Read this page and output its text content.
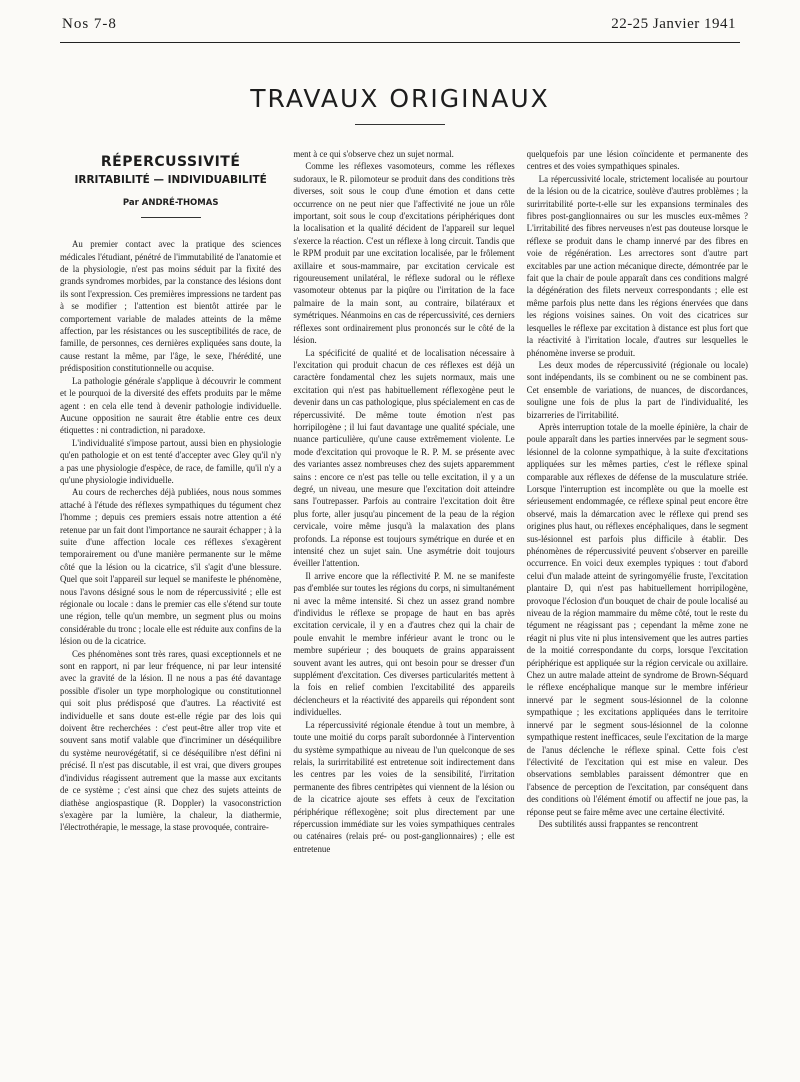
Nos 7-8	22-25 Janvier 1941
TRAVAUX ORIGINAUX
RÉPERCUSSIVITÉ
IRRITABILITÉ — INDIVIDUABILITÉ
Par ANDRÉ-THOMAS

Au premier contact avec la pratique des sciences médicales l'étudiant, pénétré de l'immutabilité de l'anatomie et de la physiologie, n'est pas moins séduit par la fixité des grands syndromes morbides, par la constance des lésions dont ils sont l'expression. Ces premières impressions ne tardent pas à se modifier ; l'attention est bientôt attirée par le comportement variable de malades atteints de la même affection, par les résistances ou les susceptibilités de race, de famille, de personnes, ces dernières expliquées sans doute, la cause restant la même, par l'âge, le sexe, l'hérédité, une prédisposition constitutionnelle ou acquise.

La pathologie générale s'applique à découvrir le comment et le pourquoi de la diversité des effets produits par le même agent : en cela elle tend à devenir pathologie individuelle. Aucune opposition ne saurait être établie entre ces deux étiquettes : ni contradiction, ni paradoxe.

L'individualité s'impose partout, aussi bien en physiologie qu'en pathologie et on est tenté d'accepter avec Gley qu'il n'y a pas une physiologie d'espèce, de race, de famille, qu'il n'y a qu'une physiologie individuelle.

Au cours de recherches déjà publiées, nous nous sommes attaché à l'étude des réflexes sympathiques du tégument chez l'homme ; depuis ces premiers essais notre attention a été retenue par un fait dont l'importance ne saurait échapper ; à la suite d'une affection locale ces réflexes s'exagèrent temporairement ou d'une manière permanente sur le même côté que la lésion ou la cicatrice, s'il s'agit d'une blessure. Quel que soit l'appareil sur lequel se manifeste le phénomène, nous l'avons désigné sous le nom de répercussivité ; elle est régionale ou locale : dans le premier cas elle s'étend sur toute une région, telle qu'un membre, un segment plus ou moins considérable du tronc ; locale elle est réduite aux confins de la lésion ou de la cicatrice.

Ces phénomènes sont très rares, quasi exceptionnels et ne sont en rapport, ni par leur fréquence, ni par leur intensité avec la gravité de la lésion. Il ne nous a pas été davantage possible d'isoler un type morphologique ou constitutionnel qui soit plus prédisposé que d'autres. La réactivité est individuelle et sans doute est-elle régie par des lois qui doivent être recherchées : c'est peut-être aller trop vite et souvent sans motif valable que d'incriminer un déséquilibre du système neurovégétatif, si ce déséquilibre n'est défini ni précisé. Il n'est pas discutable, il est vrai, que divers groupes d'individus réagissent autrement que la masse aux excitants de ce système ; c'est ainsi que chez des sujets atteints de diathèse angiospastique (R. Doppler) la vasoconstriction s'exagère par la lumière, la chaleur, la diathermie, l'électrothérapie, le message, la stase provoquée, contraire-

ment à ce qui s'observe chez un sujet normal.

Comme les réflexes vasomoteurs, comme les réflexes sudoraux, le R. pilomoteur se produit dans des conditions très diverses, soit sous le coup d'une émotion et dans cette occurrence on ne peut nier que l'affectivité ne joue un rôle important, soit sous le coup d'excitations périphériques dont la localisation et la qualité décident de l'appareil sur lequel s'exerce la réaction. C'est un réflexe à long circuit. Tandis que le RPM produit par une excitation localisée, par le frôlement axillaire et sous-mammaire, par excitation cervicale est rigoureusement unilatéral, le réflexe sudoral ou le réflexe vasomoteur obtenus par la piqûre ou l'irritation de la face palmaire de la main sont, au contraire, bilatéraux et symétriques. Néanmoins en cas de répercussivité, ces derniers réflexes sont ordinairement plus prononcés sur le côté de la lésion.

La spécificité de qualité et de localisation nécessaire à l'excitation qui produit chacun de ces réflexes est déjà un caractère fondamental chez les sujets normaux, mais une excitation qui n'est pas habituellement réflexogène peut le devenir dans un cas pathologique, plus spécialement en cas de répercussivité. De même toute émotion n'est pas horripilogène ; il lui faut davantage une qualité spéciale, une nuance particulière, qu'une cause extrêmement violente. Le mode d'excitation qui provoque le R. P. M. se présente avec des variantes assez nombreuses chez des sujets apparemment sains : encore ce n'est pas telle ou telle excitation, il y a un degré, un niveau, une mesure que l'excitation doit atteindre sans l'outrepasser. Parfois au contraire l'excitation doit être plus forte, aller jusqu'au pincement de la peau de la région cervicale, voire même jusqu'à la malaxation des plans profonds. La réponse est toujours symétrique en durée et en intensité chez un sujet sain. Une asymétrie doit toujours éveiller l'attention.

Il arrive encore que la réflectivité P. M. ne se manifeste pas d'emblée sur toutes les régions du corps, ni simultanément ni avec la même intensité. Si chez un assez grand nombre d'individus le réflexe se propage de haut en bas après excitation cervicale, il y en a d'autres chez qui la chair de poule envahit le membre inférieur avant le tronc ou le membre supérieur ; des bouquets de grains apparaissent souvent avant les autres, qui ont besoin pour se dresser d'un supplément d'excitation. Ces diverses particularités mettent à la fois en relief combien l'excitabilité des appareils déclencheurs et la réactivité des appareils qui répondent sont individuelles.

La répercussivité régionale étendue à tout un membre, à toute une moitié du corps paraît subordonnée à l'intervention du système sympathique au niveau de l'un quelconque de ses relais, la surirritabilité est entretenue soit indirectement dans les centres par les voies de la sensibilité, l'irritation permanente des fibres centripètes qui viennent de la lésion ou de la cicatrice ajoute ses effets à ceux de l'excitation périphérique réflexogène; soit plus directement par une répercussion immédiate sur les voies sympathiques centrales ou caténaires (relais pré- ou post-ganglionnaires) ; elle est entretenue

quelquefois par une lésion coïncidente et permanente des centres et des voies sympathiques spinales.

La répercussivité locale, strictement localisée au pourtour de la lésion ou de la cicatrice, soulève d'autres problèmes ; la surirritabilité porte-t-elle sur les expansions terminales des fibres post-ganglionnaires ou sur les muscles eux-mêmes ? L'irritabilité des fibres nerveuses n'est pas douteuse lorsque le réflexe se produit dans le champ innervé par des fibres en voie de régénération. Les arrectores sont d'autre part excitables par une action mécanique directe, démontrée par le fait que la chair de poule apparaît dans ces conditions malgré la dégénération des filets nerveux correspondants ; elle est même parfois plus nette dans les régions énervées que dans les régions voisines saines. On voit des cicatrices sur lesquelles le réflexe par excitation à distance est plus fort que la réactivité à l'irritation locale, d'autres sur lesquelles le phénomène inverse se produit.

Les deux modes de répercussivité (régionale ou locale) sont indépendants, ils se combinent ou ne se combinent pas. Cet ensemble de variations, de nuances, de discordances, souligne une fois de plus la part de l'individualité, les bizarreries de l'irritabilité.

Après interruption totale de la moelle épinière, la chair de poule apparaît dans les parties innervées par le segment sous-lésionnel de la colonne sympathique, à la suite d'excitations appliquées sur les mêmes parties, c'est le réflexe spinal comparable aux réflexes de défense de la musculature striée. Lorsque l'interruption est incomplète ou que la moelle est sérieusement endommagée, ce réflexe spinal peut encore être observé, mais la démarcation avec le réflexe qui prend ses origines plus haut, ou réflexes encéphaliques, dans le segment sus-lésionnel est parfois plus difficile à établir. Des phénomènes de répercussivité peuvent s'observer en pareille occurrence. En voici deux exemples typiques : tout d'abord celui d'un malade atteint de syringomyélie fruste, l'excitation plantaire D, qui n'est pas habituellement horripilogène, provoque l'éclosion d'un bouquet de chair de poule localisé au niveau de la région mammaire du même côté, tout le reste du tégument ne réagissant pas ; cependant la même zone ne réagit ni plus vite ni plus intensivement que les autres parties de la moitié correspondante du corps, lorsque l'excitation périphérique est appliquée sur la région cervicale ou axillaire. Chez un autre malade atteint de syndrome de Brown-Séquard le réflexe encéphalique manque sur le membre inférieur innervé par le segment sous-lésionnel de la colonne sympathique ; les excitations appliquées dans le territoire innervé par le segment sous-lésionnel de la colonne sympathique restent inefficaces, seule l'excitation de la marge de l'anus déclenche le réflexe spinal. Cette fois c'est l'électivité de l'excitation qui est mise en valeur. Des observations semblables paraissent démontrer que en l'absence de perception de l'excitation, par conséquent dans des conditions où l'élément émotif ou affectif ne joue pas, la réponse peut se faire même avec une certaine électivité.

Des subtilités aussi frappantes se rencontrent
